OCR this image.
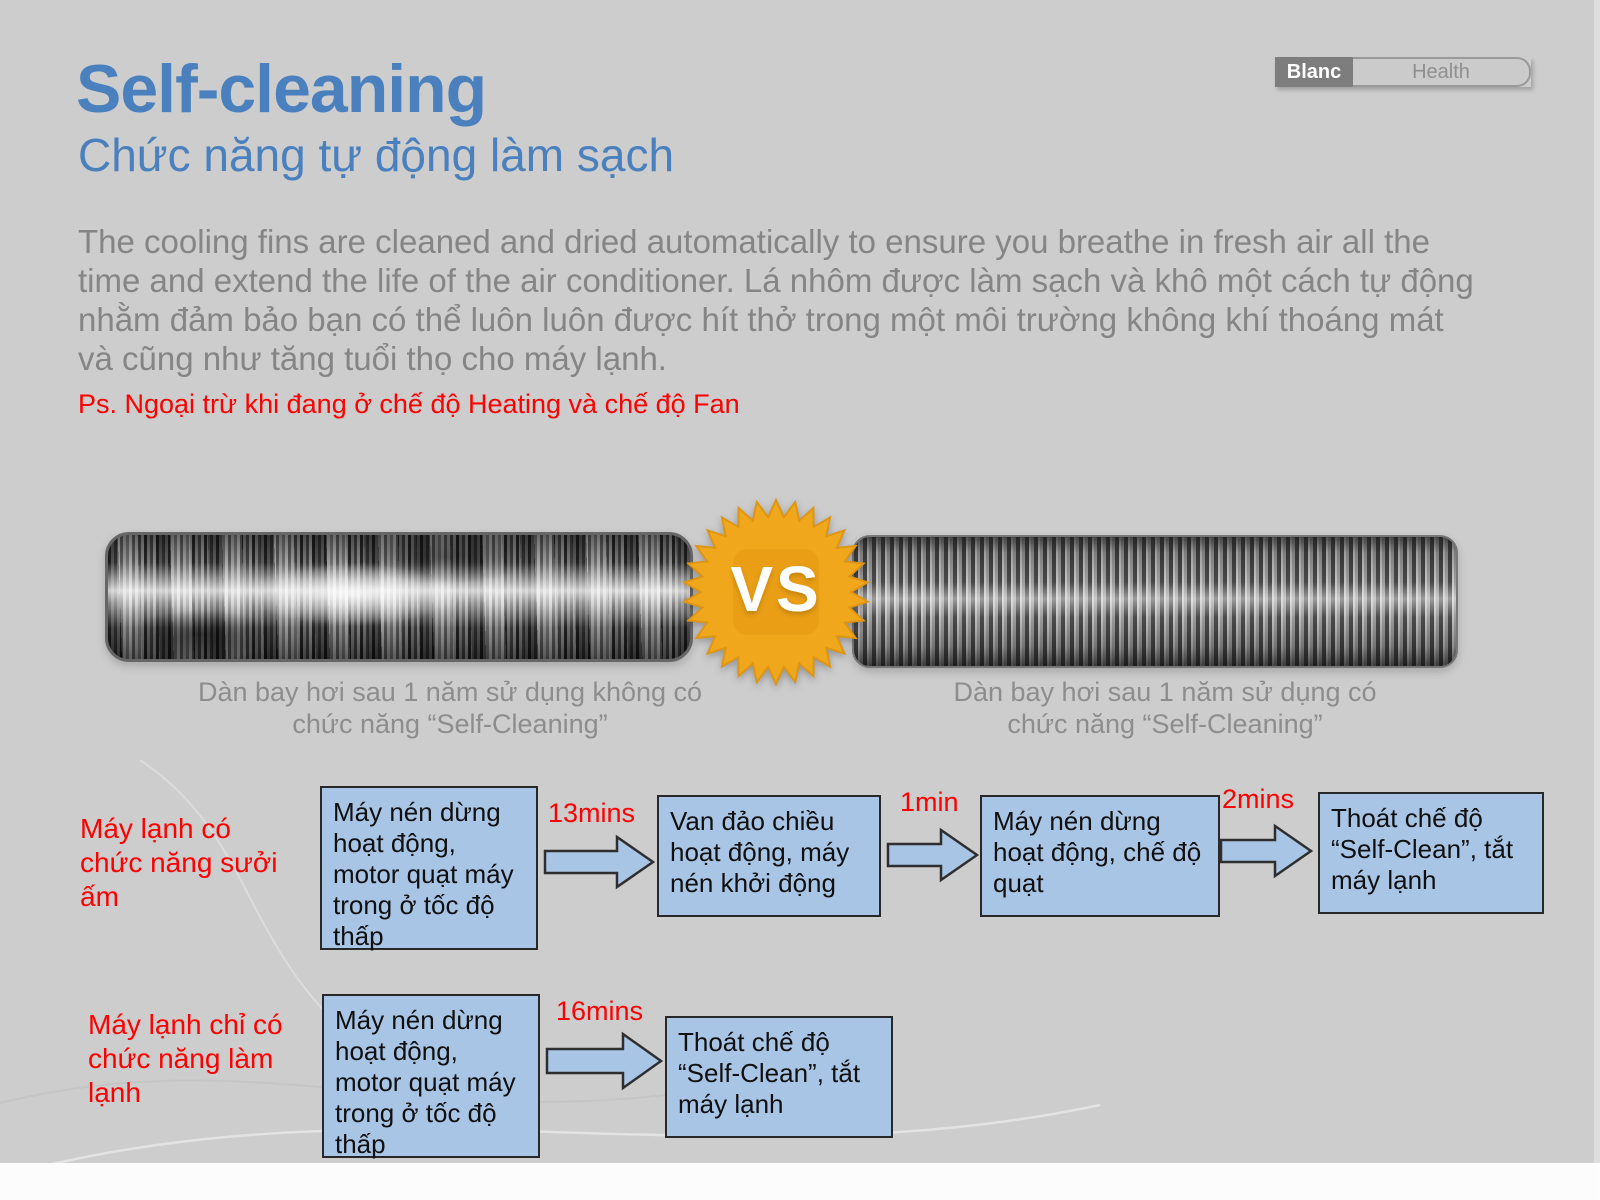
Self-cleaning
Chức năng tự động làm sạch
Blanc	Health
The cooling fins are cleaned and dried automatically to ensure you breathe in fresh air all the time and extend the life of the air conditioner. Lá nhôm được làm sạch và khô một cách tự động nhằm đảm bảo bạn có thể luôn luôn được hít thở trong một môi trường không khí thoáng mát và cũng như tăng tuổi thọ cho máy lạnh.
Ps. Ngoại trừ khi đang ở chế độ Heating và chế độ Fan
VS
Dàn bay hơi sau 1 năm sử dụng không có
chức năng “Self-Cleaning”
Dàn bay hơi sau 1 năm sử dụng có
chức năng “Self-Cleaning”
Máy lạnh có chức năng sưởi ấm
Máy nén dừng hoạt động, motor quạt máy trong ở tốc độ thấp
13mins	Van đảo chiều hoạt động, máy nén khởi động
1min
Máy nén dừng hoạt động, chế độ quạt
2mins
Thoát chế độ “Self-Clean”, tắt máy lạnh
Máy lạnh chỉ có chức năng làm lạnh
Máy nén dừng hoạt động, motor quạt máy trong ở tốc độ thấp
16mins
Thoát chế độ “Self-Clean”, tắt máy lạnh
